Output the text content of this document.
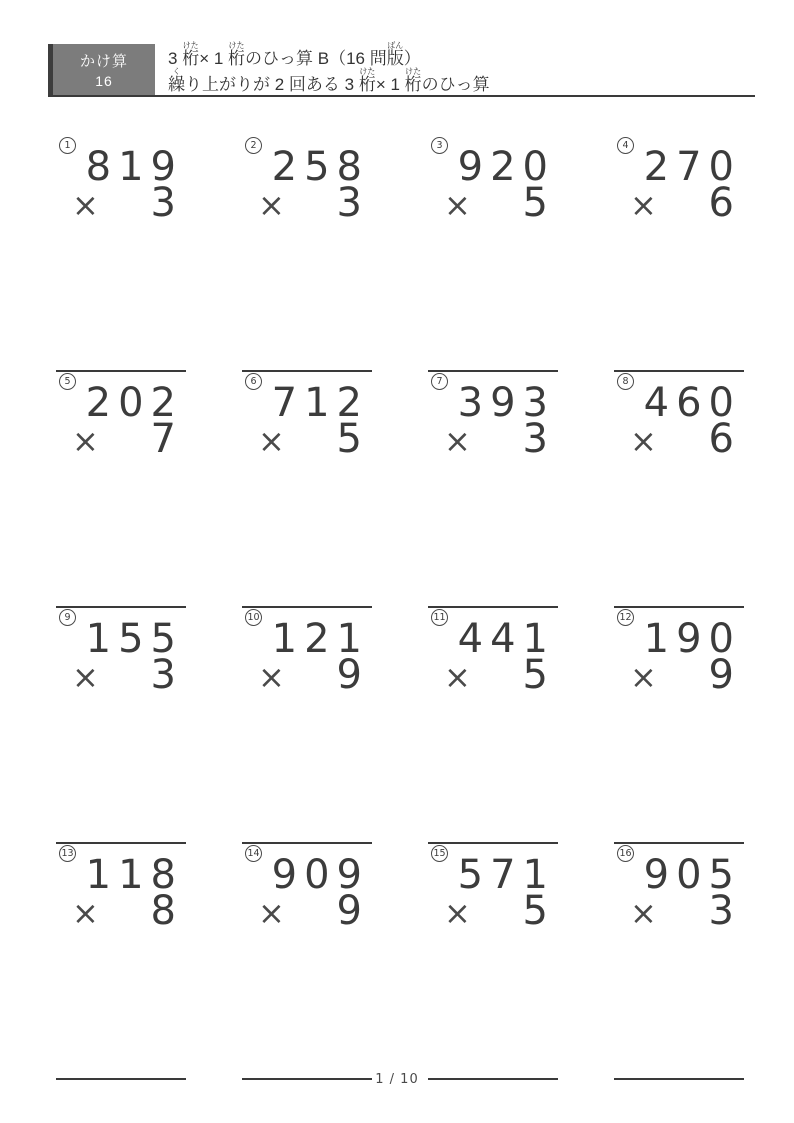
かけ算
16
3 桁けた× 1 桁けたのひっ算 B（16 問版ばん）
繰くり上がりが 2 回ある 3 桁けた× 1 桁けたのひっ算
1 819
× 3
2 258
× 3
3 920
× 5
4 270
× 6
5 202
× 7
6 712
× 5
7 393
× 3
8 460
× 6
9 155
× 3
10 121
× 9
11 441
× 5
12 190
× 9
13 118
× 8
14 909
× 9
15 571
× 5
16 905
× 3
1 / 10
